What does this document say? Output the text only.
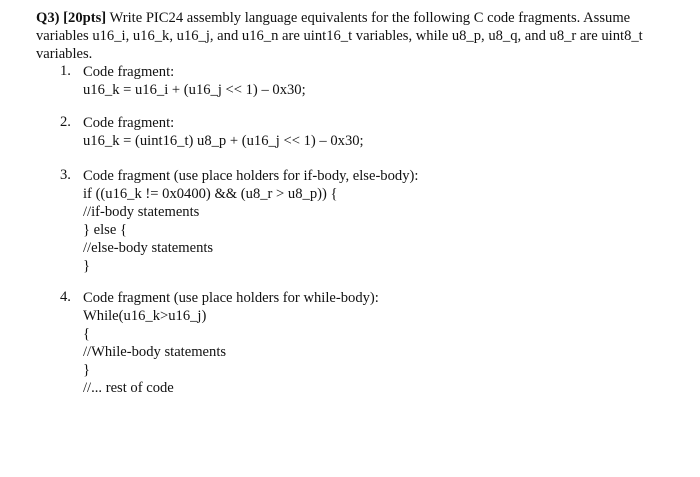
Q3) [20pts] Write PIC24 assembly language equivalents for the following C code fragments. Assume variables u16_i, u16_k, u16_j, and u16_n are uint16_t variables, while u8_p, u8_q, and u8_r are uint8_t variables.
1. Code fragment:
u16_k = u16_i + (u16_j << 1) – 0x30;
2. Code fragment:
u16_k = (uint16_t) u8_p + (u16_j << 1) – 0x30;
3. Code fragment (use place holders for if-body, else-body):
if ((u16_k != 0x0400) && (u8_r > u8_p)) {
//if-body statements
} else {
//else-body statements
}
4. Code fragment (use place holders for while-body):
While(u16_k>u16_j)
{
//While-body statements
}
//... rest of code
